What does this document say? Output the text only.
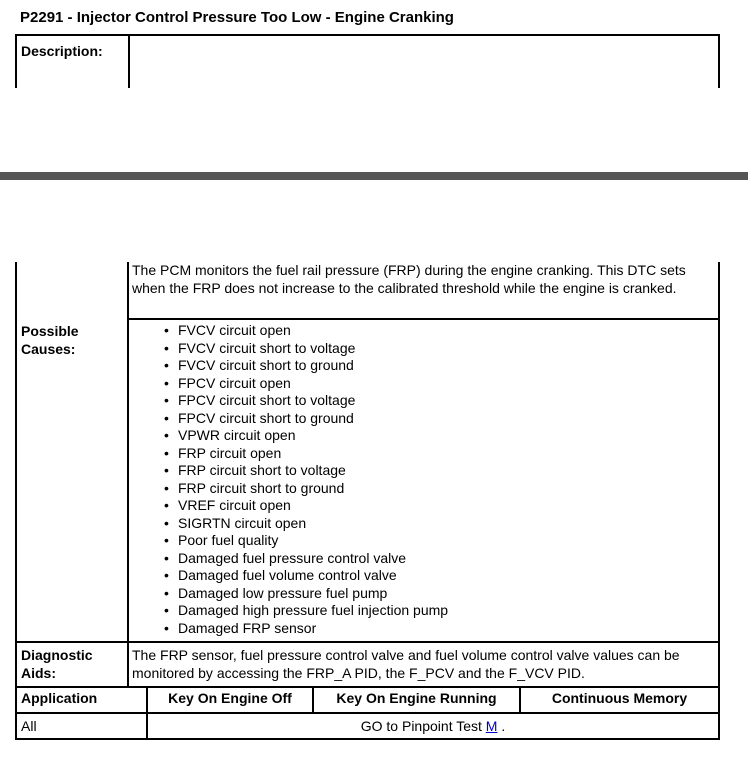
P2291 - Injector Control Pressure Too Low - Engine Cranking
Description:
The PCM monitors the fuel rail pressure (FRP) during the engine cranking. This DTC sets when the FRP does not increase to the calibrated threshold while the engine is cranked.
Possible Causes:
• FVCV circuit open
• FVCV circuit short to voltage
• FVCV circuit short to ground
• FPCV circuit open
• FPCV circuit short to voltage
• FPCV circuit short to ground
• VPWR circuit open
• FRP circuit open
• FRP circuit short to voltage
• FRP circuit short to ground
• VREF circuit open
• SIGRTN circuit open
• Poor fuel quality
• Damaged fuel pressure control valve
• Damaged fuel volume control valve
• Damaged low pressure fuel pump
• Damaged high pressure fuel injection pump
• Damaged FRP sensor
Diagnostic Aids:
The FRP sensor, fuel pressure control valve and fuel volume control valve values can be monitored by accessing the FRP_A PID, the F_PCV and the F_VCV PID.
Application	Key On Engine Off	Key On Engine Running	Continuous Memory
All	GO to Pinpoint Test M .
